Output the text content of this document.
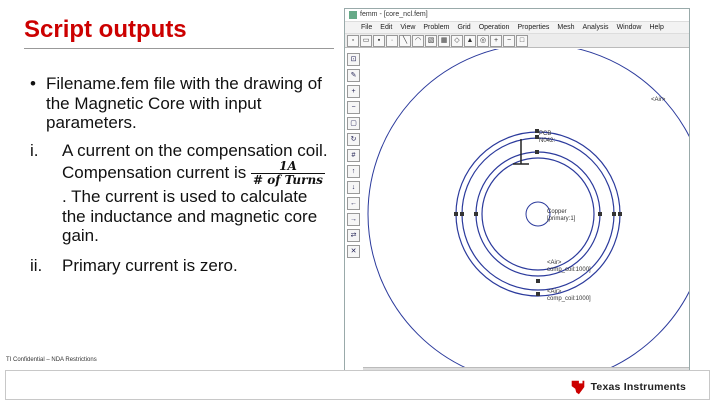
Script outputs
• Filename.fem file with the drawing of the Magnetic Core with input parameters.
i. A current on the compensation coil. Compensation current is $\frac{1A}{\text{\# of Turns}}$
. The current is used to calculate the inductance and magnetic core gain.
ii. Primary current is zero.
femm - [core_ncl.fem]
File Edit View Problem Grid Operation Properties Mesh Analysis Window Help
▫	▭	▪	·	╲	◠ ▧ ▦ ◇ ▲ ◎	+	−	□
⊡
✎
+
−
▢
↻
#
↑
↓
←
→
⇄
✕
<Air>
PCB
N042:
Copper
[primary:1]
<Air>
comp_coil:1000]
<Air>
comp_coil:1000]
TI Confidential – NDA Restrictions
Texas Instruments
